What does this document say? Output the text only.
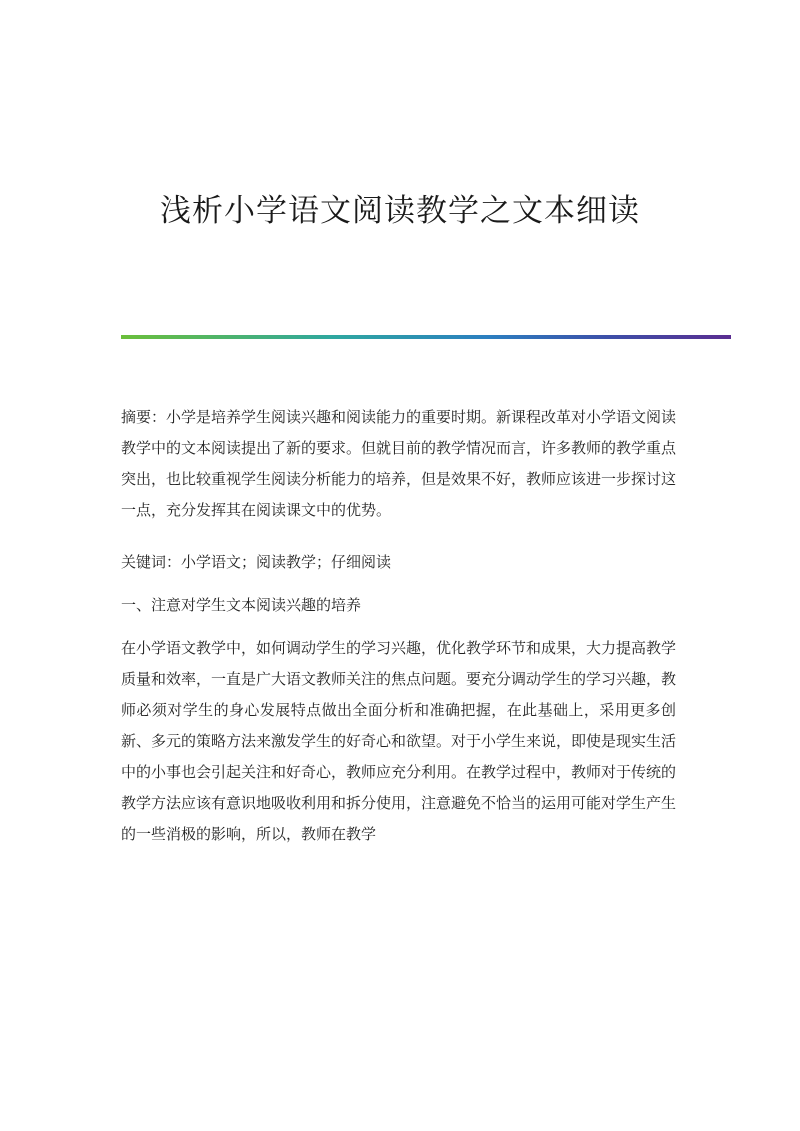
浅析小学语文阅读教学之文本细读

摘要：小学是培养学生阅读兴趣和阅读能力的重要时期。新课程改革对小学语文阅读教学中的文本阅读提出了新的要求。但就目前的教学情况而言，许多教师的教学重点突出，也比较重视学生阅读分析能力的培养，但是效果不好，教师应该进一步探讨这一点，充分发挥其在阅读课文中的优势。

关键词：小学语文；阅读教学；仔细阅读

一、注意对学生文本阅读兴趣的培养

在小学语文教学中，如何调动学生的学习兴趣，优化教学环节和成果，大力提高教学质量和效率，一直是广大语文教师关注的焦点问题。要充分调动学生的学习兴趣，教师必须对学生的身心发展特点做出全面分析和准确把握，在此基础上，采用更多创新、多元的策略方法来激发学生的好奇心和欲望。对于小学生来说，即使是现实生活中的小事也会引起关注和好奇心，教师应充分利用。在教学过程中，教师对于传统的教学方法应该有意识地吸收利用和拆分使用，注意避免不恰当的运用可能对学生产生的一些消极的影响，所以，教师在教学
